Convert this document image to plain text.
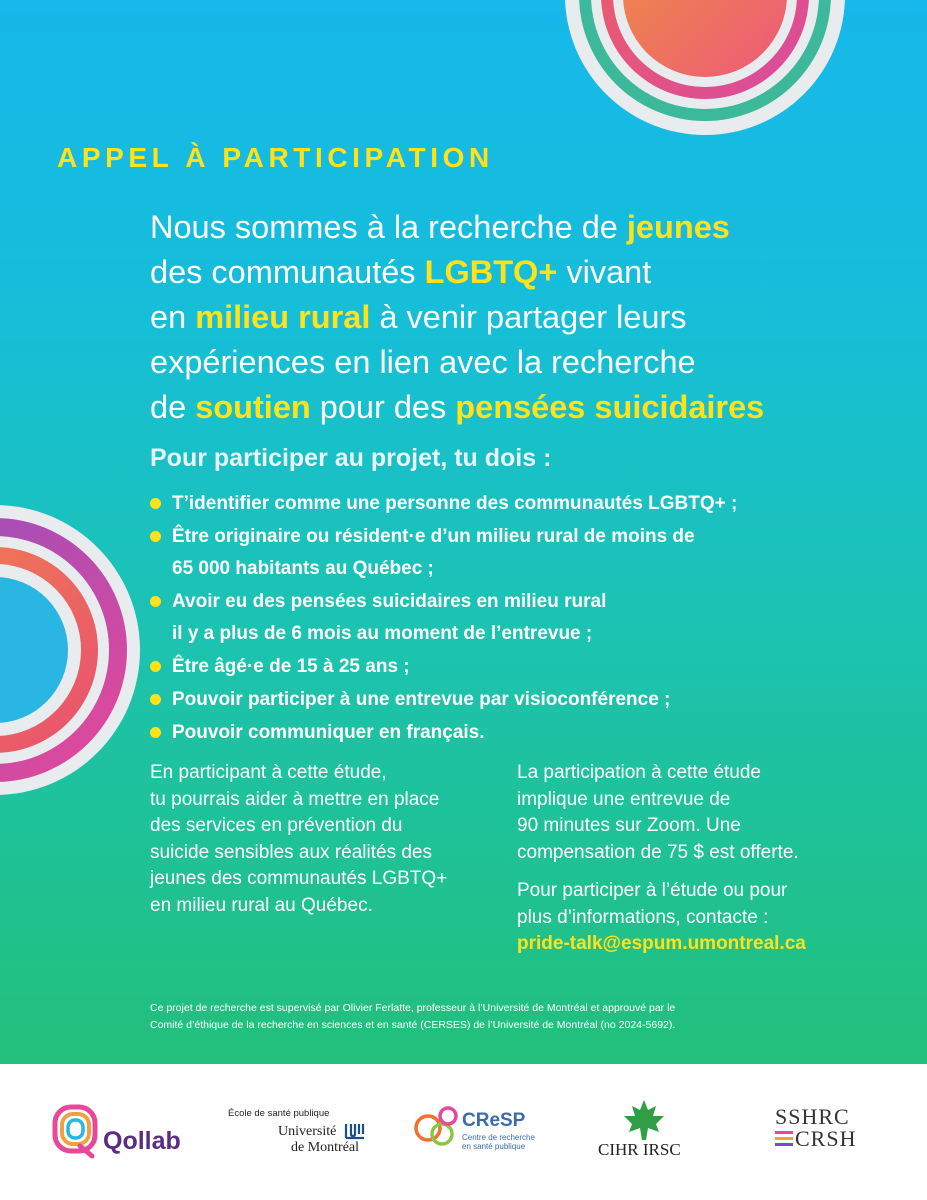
APPEL À PARTICIPATION

Nous sommes à la recherche de jeunes
des communautés LGBTQ+ vivant
en milieu rural à venir partager leurs
expériences en lien avec la recherche
de soutien pour des pensées suicidaires

Pour participer au projet, tu dois :
T’identifier comme une personne des communautés LGBTQ+ ;
Être originaire ou résident·e d’un milieu rural de moins de
65 000 habitants au Québec ;
Avoir eu des pensées suicidaires en milieu rural
il y a plus de 6 mois au moment de l’entrevue ;
Être âgé·e de 15 à 25 ans ;
Pouvoir participer à une entrevue par visioconférence ;
Pouvoir communiquer en français.
En participant à cette étude,
tu pourrais aider à mettre en place
des services en prévention du
suicide sensibles aux réalités des
jeunes des communautés LGBTQ+
en milieu rural au Québec.

La participation à cette étude
implique une entrevue de
90 minutes sur Zoom. Une
compensation de 75 $ est offerte.

Pour participer à l’étude ou pour
plus d’informations, contacte :
pride-talk@espum.umontreal.ca

Ce projet de recherche est supervisé par Olivier Ferlatte, professeur à l’Université de Montréal et approuvé par le
Comité d’éthique de la recherche en sciences et en santé (CERSES) de l’Université de Montréal (no 2024-5692).

Qollab
École de santé publique
Université
de Montréal
CReSP
Centre de recherche en santé publique	CIHR IRSC
SSHRC
CRSH
